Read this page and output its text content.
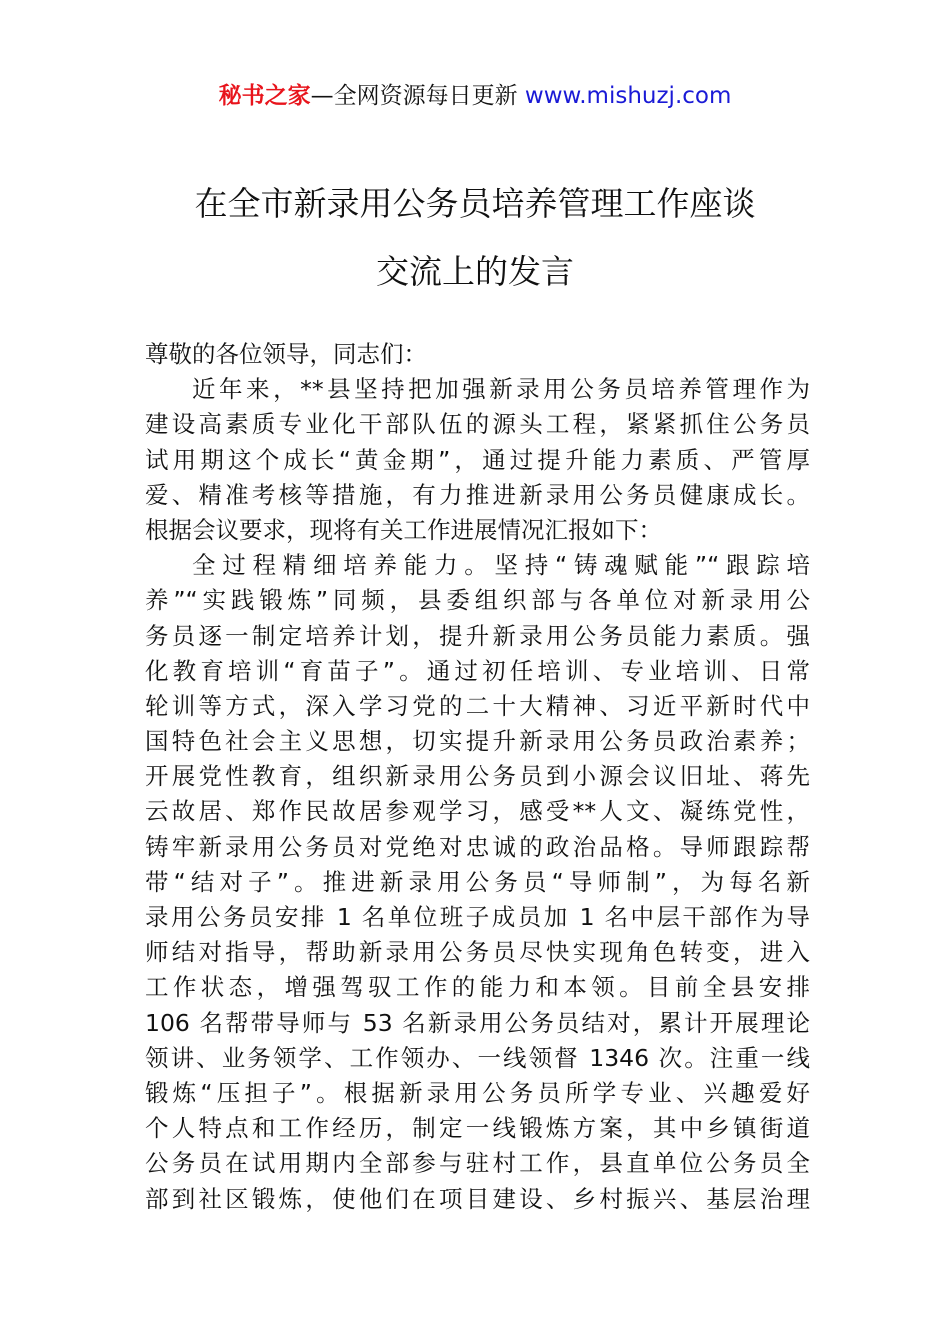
秘书之家—全网资源每日更新 www.mishuzj.com
在全市新录用公务员培养管理工作座谈
交流上的发言
尊敬的各位领导，同志们：
近年来，**县坚持把加强新录用公务员培养管理作为
建设高素质专业化干部队伍的源头工程，紧紧抓住公务员
试用期这个成长“黄金期”，通过提升能力素质、严管厚
爱、精准考核等措施，有力推进新录用公务员健康成长。
根据会议要求，现将有关工作进展情况汇报如下：
全过程精细培养能力。坚持“铸魂赋能”“跟踪培
养”“实践锻炼”同频，县委组织部与各单位对新录用公
务员逐一制定培养计划，提升新录用公务员能力素质。强
化教育培训“育苗子”。通过初任培训、专业培训、日常
轮训等方式，深入学习党的二十大精神、习近平新时代中
国特色社会主义思想，切实提升新录用公务员政治素养；
开展党性教育，组织新录用公务员到小源会议旧址、蒋先
云故居、郑作民故居参观学习，感受**人文、凝练党性，
铸牢新录用公务员对党绝对忠诚的政治品格。导师跟踪帮
带“结对子”。推进新录用公务员“导师制”，为每名新
录用公务员安排 1 名单位班子成员加 1 名中层干部作为导
师结对指导，帮助新录用公务员尽快实现角色转变，进入
工作状态，增强驾驭工作的能力和本领。目前全县安排
106 名帮带导师与 53 名新录用公务员结对，累计开展理论
领讲、业务领学、工作领办、一线领督 1346 次。注重一线
锻炼“压担子”。根据新录用公务员所学专业、兴趣爱好
个人特点和工作经历，制定一线锻炼方案，其中乡镇街道
公务员在试用期内全部参与驻村工作，县直单位公务员全
部到社区锻炼，使他们在项目建设、乡村振兴、基层治理
